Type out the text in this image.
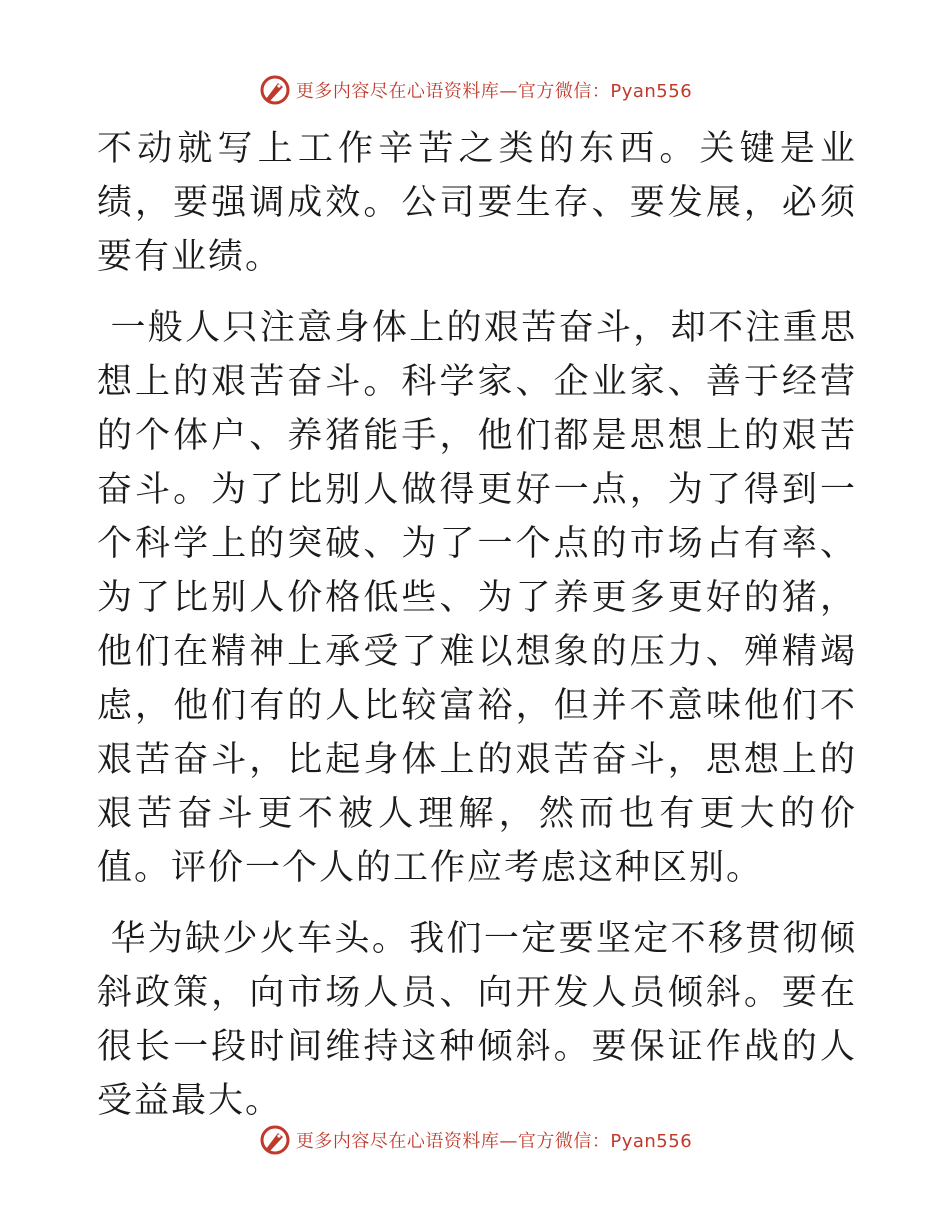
更多内容尽在心语资料库—官方微信：Pyan556

不动就写上工作辛苦之类的东西。关键是业绩，要强调成效。公司要生存、要发展，必须要有业绩。

一般人只注意身体上的艰苦奋斗，却不注重思想上的艰苦奋斗。科学家、企业家、善于经营的个体户、养猪能手，他们都是思想上的艰苦奋斗。为了比别人做得更好一点，为了得到一个科学上的突破、为了一个点的市场占有率、为了比别人价格低些、为了养更多更好的猪，他们在精神上承受了难以想象的压力、殚精竭虑，他们有的人比较富裕，但并不意味他们不艰苦奋斗，比起身体上的艰苦奋斗，思想上的艰苦奋斗更不被人理解，然而也有更大的价值。评价一个人的工作应考虑这种区别。

华为缺少火车头。我们一定要坚定不移贯彻倾斜政策，向市场人员、向开发人员倾斜。要在很长一段时间维持这种倾斜。要保证作战的人受益最大。

更多内容尽在心语资料库—官方微信：Pyan556
